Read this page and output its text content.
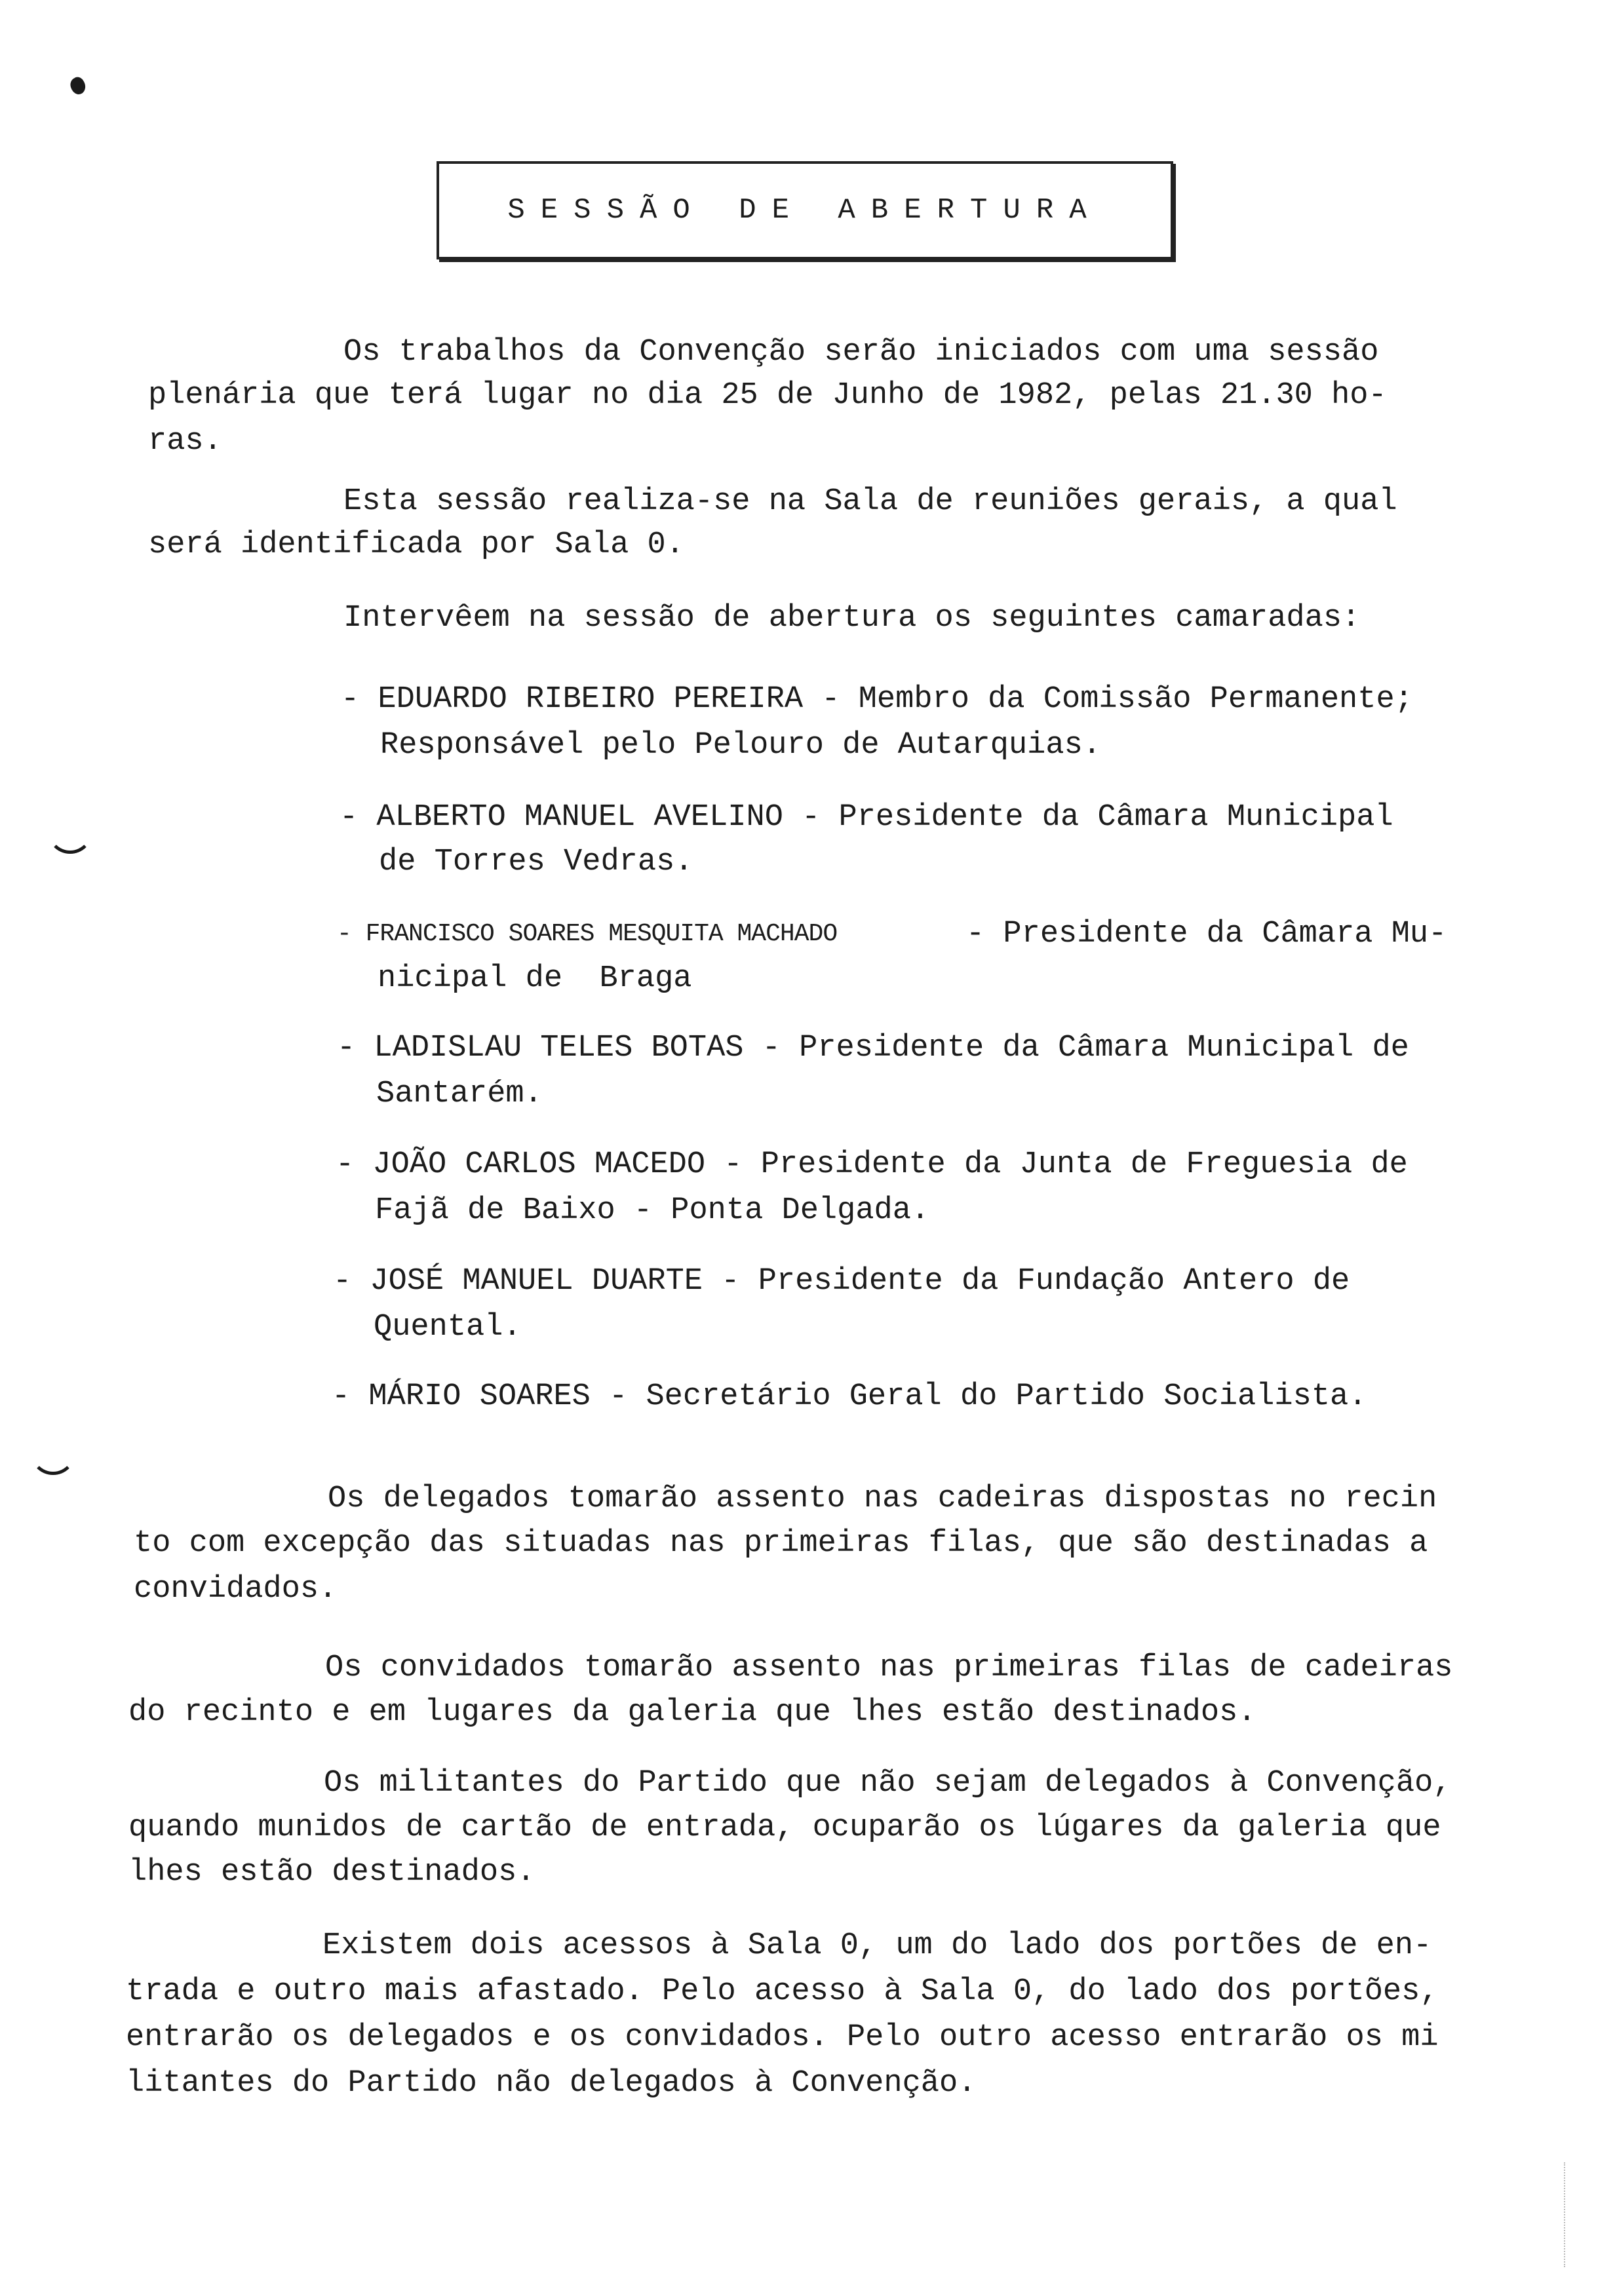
SESSÃO DE ABERTURA
Os trabalhos da Convenção serão iniciados com uma sessão
plenária que terá lugar no dia 25 de Junho de 1982, pelas 21.30 ho-
ras.
Esta sessão realiza-se na Sala de reuniões gerais, a qual
será identificada por Sala 0.
Intervêem na sessão de abertura os seguintes camaradas:
- EDUARDO RIBEIRO PEREIRA - Membro da Comissão Permanente;
Responsável pelo Pelouro de Autarquias.
- ALBERTO MANUEL AVELINO - Presidente da Câmara Municipal
de Torres Vedras.
- FRANCISCO SOARES MESQUITA MACHADO	- Presidente da Câmara Mu-
nicipal de  Braga
- LADISLAU TELES BOTAS - Presidente da Câmara Municipal de
Santarém.
- JOÃO CARLOS MACEDO - Presidente da Junta de Freguesia de
Fajã de Baixo - Ponta Delgada.
- JOSÉ MANUEL DUARTE - Presidente da Fundação Antero de
Quental.
- MÁRIO SOARES - Secretário Geral do Partido Socialista.
Os delegados tomarão assento nas cadeiras dispostas no recin
to com excepção das situadas nas primeiras filas, que são destinadas a
convidados.
Os convidados tomarão assento nas primeiras filas de cadeiras
do recinto e em lugares da galeria que lhes estão destinados.
Os militantes do Partido que não sejam delegados à Convenção,
quando munidos de cartão de entrada, ocuparão os lúgares da galeria que
lhes estão destinados.
Existem dois acessos à Sala 0, um do lado dos portões de en-
trada e outro mais afastado. Pelo acesso à Sala 0, do lado dos portões,
entrarão os delegados e os convidados. Pelo outro acesso entrarão os mi
litantes do Partido não delegados à Convenção.
